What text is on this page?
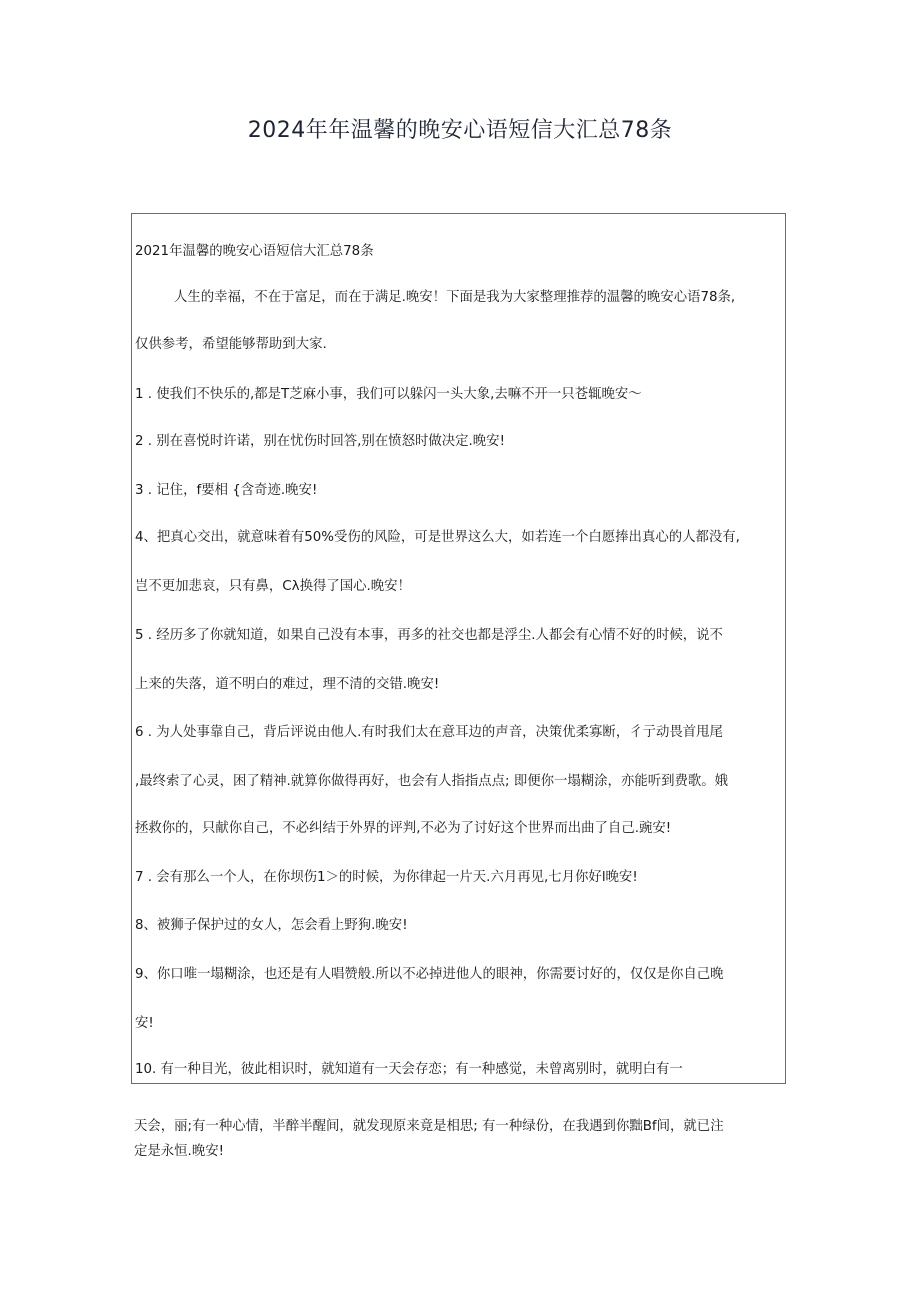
2024年年温馨的晚安心语短信大汇总78条
2021年温馨的晚安心语短信大汇总78条
人生的幸福，不在于富足，而在于满足.晚安！下面是我为大家整理推荐的温馨的晚安心语78条,
仅供参考，希望能够帮助到大家.
1 . 使我们不快乐的,都是T芝麻小事，我们可以躲闪一头大象,去嘛不开一只苍辄晚安〜
2 . 别在喜悦时许诺，别在忧伤时回答,别在愤怒时做决定.晚安!
3 . 记住，f要相 {含奇迹.晚安!
4、把真心交出，就意味着有50%受伤的风险，可是世界这么大，如若连一个白愿捧出真心的人都没有,
岂不更加悲哀，只有鼻，Cλ换得了国心.晚安！
5 . 经历多了你就知道，如果自己没有本事，再多的社交也都是浮尘.人都会有心情不好的时候，说不
上来的失落，道不明白的难过，理不清的交错.晚安!
6 . 为人处事靠自己，背后评说由他人.有时我们太在意耳边的声音，决策优柔寡断，彳亍动畏首甩尾
,最终索了心灵，困了精神.就算你做得再好，也会有人指指点点; 即便你一塌糊涂，亦能听到费歌。娥
拯救你的，只献你自己，不必纠结于外界的评判,不必为了讨好这个世界而出曲了自己.豌安!
7 . 会有那么一个人，在你坝伤1＞的时候，为你律起一片天.六月再见,七月你好l晚安!
8、被狮子保护过的女人，怎会看上野狗.晚安!
9、你口唯一塌糊涂，也还是有人唱赞般.所以不必掉进他人的眼神，你需要讨好的，仅仅是你自己晚
安!
10. 有一种目光，彼此相识时，就知道有一天会存恋；有一种感觉，未曾离别时，就明白有一
天会，丽;有一种心情，半醉半醒间，就发现原来竟是相思; 有一种绿份，在我遇到你黜Bf间，就已注
定是永恒.晚安!
